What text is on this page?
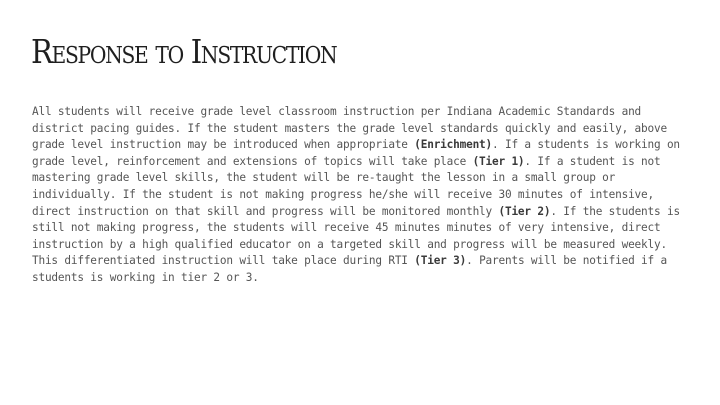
Response to Instruction

All students will receive grade level classroom instruction per Indiana Academic Standards and district pacing guides. If the student masters the grade level standards quickly and easily, above grade level instruction may be introduced when appropriate (Enrichment). If a students is working on grade level, reinforcement and extensions of topics will take place (Tier 1). If a student is not mastering grade level skills, the student will be re-taught the lesson in a small group or individually. If the student is not making progress he/she will receive 30 minutes of intensive, direct instruction on that skill and progress will be monitored monthly (Tier 2). If the students is still not making progress, the students will receive 45 minutes minutes of very intensive, direct instruction by a high qualified educator on a targeted skill and progress will be measured weekly. This differentiated instruction will take place during RTI (Tier 3). Parents will be notified if a students is working in tier 2 or 3.
